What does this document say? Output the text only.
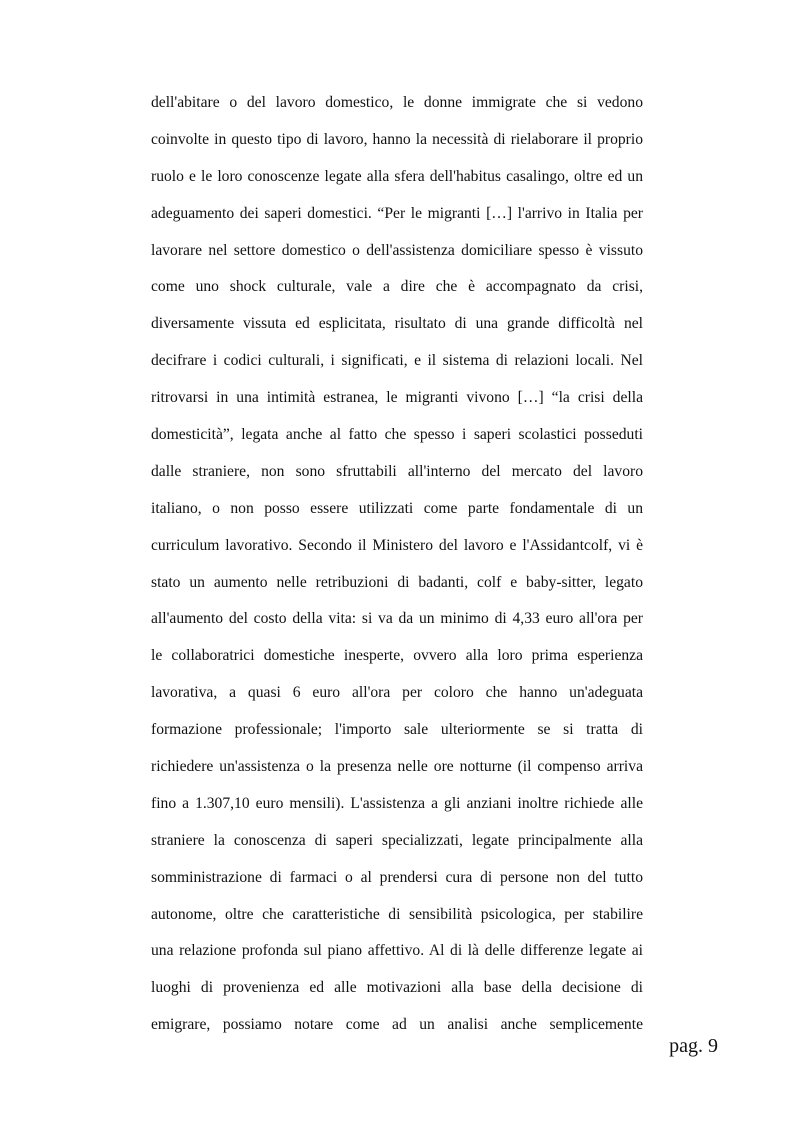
dell'abitare o del lavoro domestico, le donne immigrate che si vedono
coinvolte in questo tipo di lavoro, hanno la necessità di rielaborare il proprio
ruolo e le loro conoscenze legate alla sfera dell'habitus casalingo, oltre ed un
adeguamento dei saperi domestici. “Per le migranti […] l'arrivo in Italia per
lavorare nel settore domestico o dell'assistenza domiciliare spesso è vissuto
come uno shock culturale, vale a dire che è accompagnato da crisi,
diversamente vissuta ed esplicitata, risultato di una grande difficoltà nel
decifrare i codici culturali, i significati, e il sistema di relazioni locali. Nel
ritrovarsi in una intimità estranea, le migranti vivono […] “la crisi della
domesticità”, legata anche al fatto che spesso i saperi scolastici posseduti
dalle straniere, non sono sfruttabili all'interno del mercato del lavoro
italiano, o non posso essere utilizzati come parte fondamentale di un
curriculum lavorativo. Secondo il Ministero del lavoro e l'Assidantcolf, vi è
stato un aumento nelle retribuzioni di badanti, colf e baby-sitter, legato
all'aumento del costo della vita: si va da un minimo di 4,33 euro all'ora per
le collaboratrici domestiche inesperte, ovvero alla loro prima esperienza
lavorativa, a quasi 6 euro all'ora per coloro che hanno un'adeguata
formazione professionale; l'importo sale ulteriormente se si tratta di
richiedere un'assistenza o la presenza nelle ore notturne (il compenso arriva
fino a 1.307,10 euro mensili). L'assistenza a gli anziani inoltre richiede alle
straniere la conoscenza di saperi specializzati, legate principalmente alla
somministrazione di farmaci o al prendersi cura di persone non del tutto
autonome, oltre che caratteristiche di sensibilità psicologica, per stabilire
una relazione profonda sul piano affettivo. Al di là delle differenze legate ai
luoghi di provenienza ed alle motivazioni alla base della decisione di
emigrare, possiamo notare come ad un analisi anche semplicemente
pag. 9
